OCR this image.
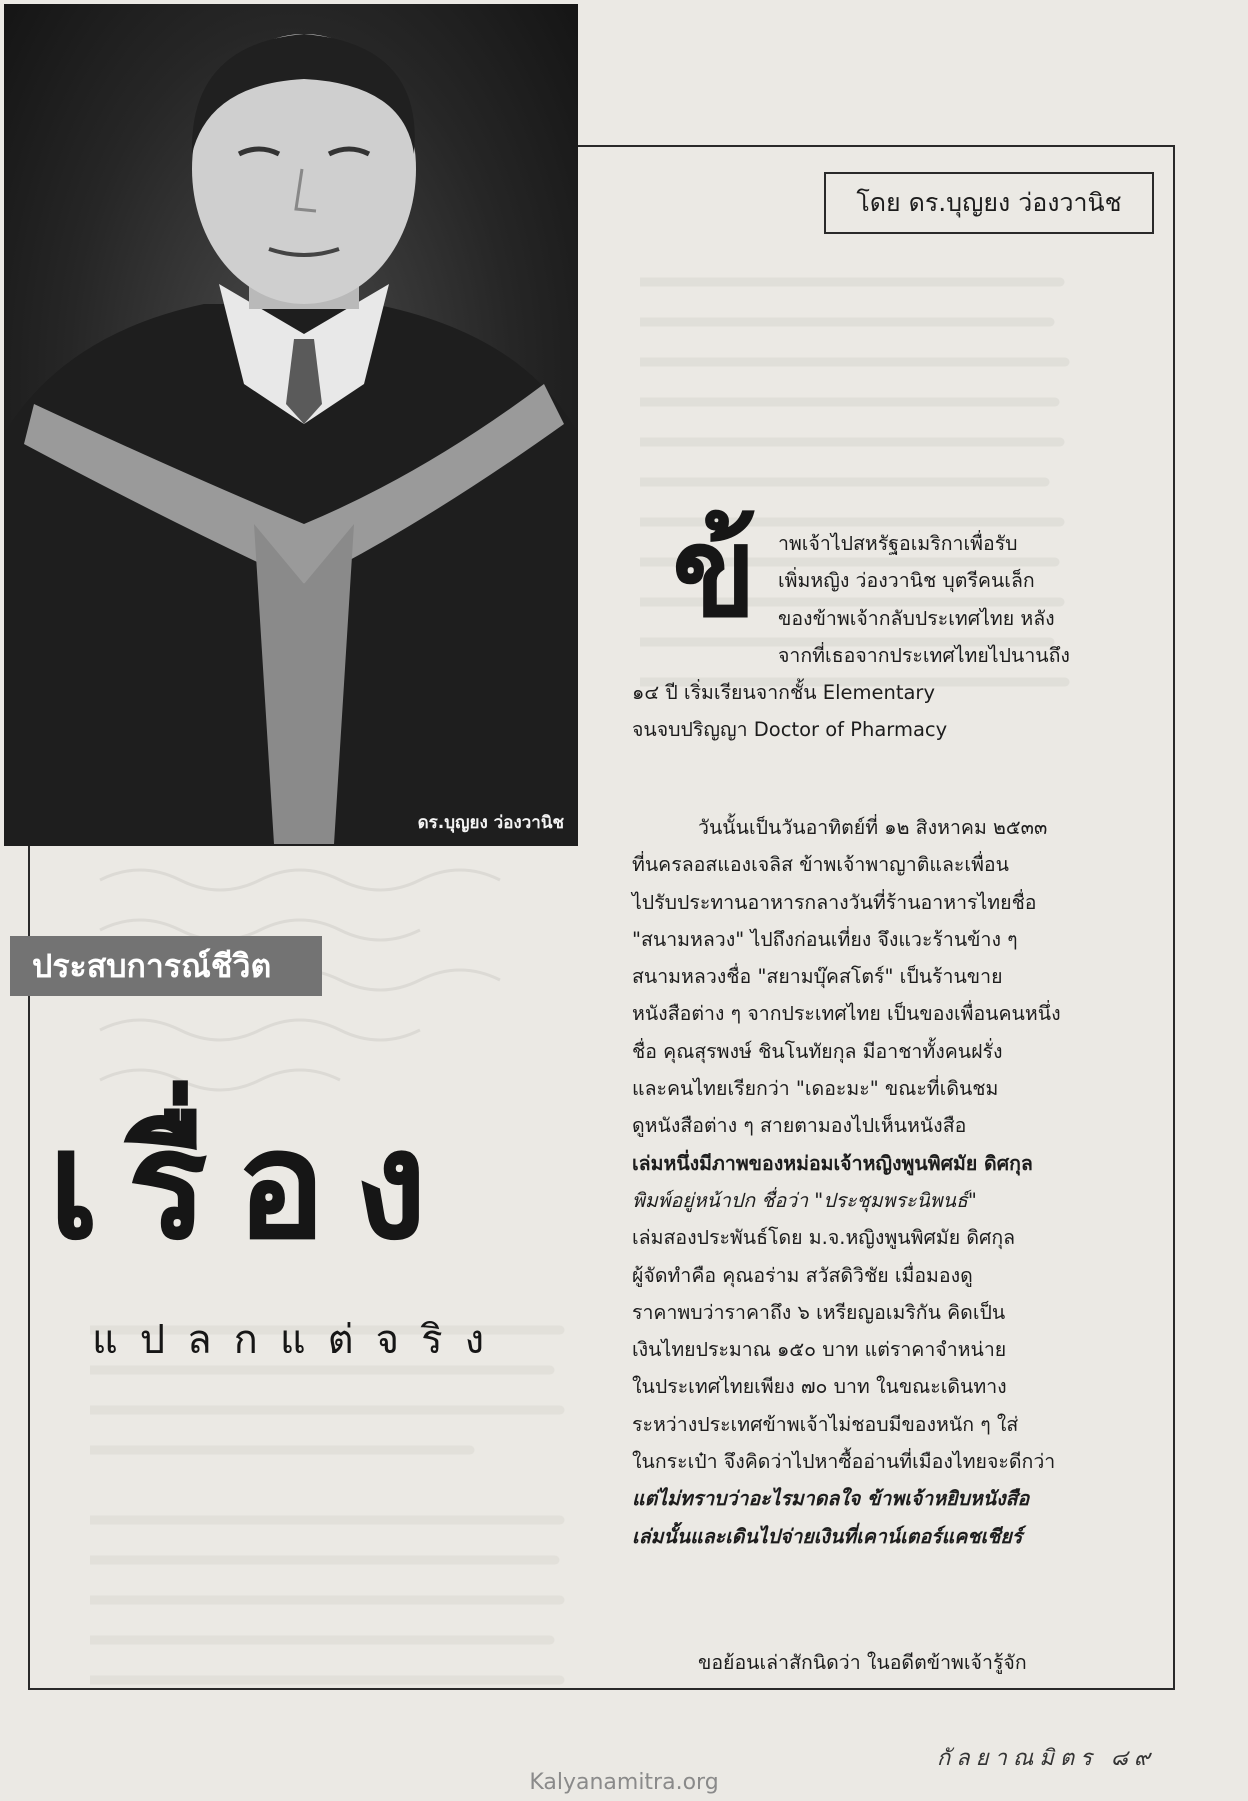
ดร.บุญยง ว่องวานิช
โดย ดร.บุญยง ว่องวานิช
ประสบการณ์ชีวิต
เรื่อง
แปลกแต่จริง
ข้	าพเจ้าไปสหรัฐอเมริกาเพื่อรับ
เพิ่มหญิง ว่องวานิช บุตรีคนเล็ก
ของข้าพเจ้ากลับประเทศไทย หลัง
จากที่เธอจากประเทศไทยไปนานถึง
๑๔ ปี เริ่มเรียนจากชั้น Elementary
จนจบปริญญา Doctor of Pharmacy
วันนั้นเป็นวันอาทิตย์ที่ ๑๒ สิงหาคม ๒๕๓๓
ที่นครลอสแองเจลิส ข้าพเจ้าพาญาติและเพื่อน
ไปรับประทานอาหารกลางวันที่ร้านอาหารไทยชื่อ
"สนามหลวง" ไปถึงก่อนเที่ยง จึงแวะร้านข้าง ๆ
สนามหลวงชื่อ "สยามบุ๊คสโตร์" เป็นร้านขาย
หนังสือต่าง ๆ จากประเทศไทย เป็นของเพื่อนคนหนึ่ง
ชื่อ คุณสุรพงษ์ ชินโนทัยกุล มีอาชาทั้งคนฝรั่ง
และคนไทยเรียกว่า "เดอะมะ" ขณะที่เดินชม
ดูหนังสือต่าง ๆ สายตามองไปเห็นหนังสือ
เล่มหนึ่งมีภาพของหม่อมเจ้าหญิงพูนพิศมัย ดิศกุล
พิมพ์อยู่หน้าปก ชื่อว่า "ประชุมพระนิพนธ์"
เล่มสองประพันธ์โดย ม.จ.หญิงพูนพิศมัย ดิศกุล
ผู้จัดทำคือ คุณอร่าม สวัสดิวิชัย เมื่อมองดู
ราคาพบว่าราคาถึง ๖ เหรียญอเมริกัน คิดเป็น
เงินไทยประมาณ ๑๕๐ บาท แต่ราคาจำหน่าย
ในประเทศไทยเพียง ๗๐ บาท ในขณะเดินทาง
ระหว่างประเทศข้าพเจ้าไม่ชอบมีของหนัก ๆ ใส่
ในกระเป๋า จึงคิดว่าไปหาซื้ออ่านที่เมืองไทยจะดีกว่า
แต่ไม่ทราบว่าอะไรมาดลใจ ข้าพเจ้าหยิบหนังสือ
เล่มนั้นและเดินไปจ่ายเงินที่เคาน์เตอร์แคชเชียร์
ขอย้อนเล่าสักนิดว่า ในอดีตข้าพเจ้ารู้จัก
กัลยาณมิตร ๘๙
Kalyanamitra.org
